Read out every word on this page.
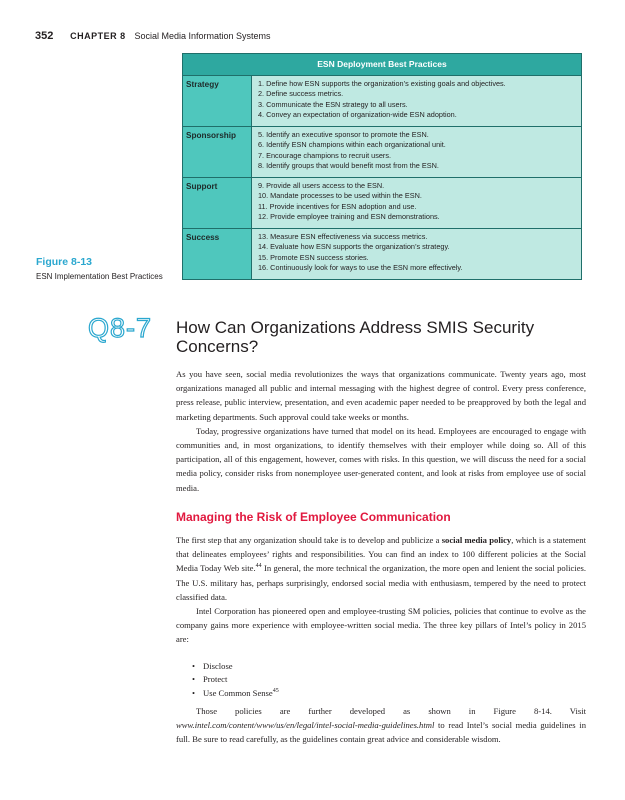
352 CHAPTER 8 Social Media Information Systems
ESN Deployment Best Practices	
Strategy	1. Define how ESN supports the organization’s existing goals and objectives.
2. Define success metrics.
3. Communicate the ESN strategy to all users.
4. Convey an expectation of organization-wide ESN adoption.

Sponsorship	5. Identify an executive sponsor to promote the ESN.
6. Identify ESN champions within each organizational unit.
7. Encourage champions to recruit users.
8. Identify groups that would benefit most from the ESN.

Support	9. Provide all users access to the ESN.
10. Mandate processes to be used within the ESN.
11. Provide incentives for ESN adoption and use.
12. Provide employee training and ESN demonstrations.

Success	13. Measure ESN effectiveness via success metrics.
14. Evaluate how ESN supports the organization’s strategy.
15. Promote ESN success stories.
16. Continuously look for ways to use the ESN more effectively.
Figure 8-13
ESN Implementation Best Practices
Q8-7 How Can Organizations Address SMIS Security Concerns?

As you have seen, social media revolutionizes the ways that organizations communicate. Twenty years ago, most organizations managed all public and internal messaging with the highest degree of control. Every press conference, press release, public interview, presentation, and even academic paper needed to be preapproved by both the legal and marketing departments. Such approval could take weeks or months.

Today, progressive organizations have turned that model on its head. Employees are encouraged to engage with communities and, in most organizations, to identify themselves with their employer while doing so. All of this participation, all of this engagement, however, comes with risks. In this question, we will discuss the need for a social media policy, consider risks from nonemployee user-generated content, and look at risks from employee use of social media.

Managing the Risk of Employee Communication

The first step that any organization should take is to develop and publicize a social media policy, which is a statement that delineates employees’ rights and responsibilities. You can find an index to 100 different policies at the Social Media Today Web site.$^{44}$ In general, the more technical the organization, the more open and lenient the social policies. The U.S. military has, perhaps surprisingly, endorsed social media with enthusiasm, tempered by the need to protect classified data.

Intel Corporation has pioneered open and employee-trusting SM policies, policies that continue to evolve as the company gains more experience with employee-written social media. The three key pillars of Intel’s policy in 2015 are:

• Disclose
• Protect
• Use Common Sense$^{45}$

Those policies are further developed as shown in Figure 8-14. Visit www.intel.com/content/www/us/en/legal/intel-social-media-guidelines.html to read Intel’s social media guidelines in full. Be sure to read carefully, as the guidelines contain great advice and considerable wisdom.
